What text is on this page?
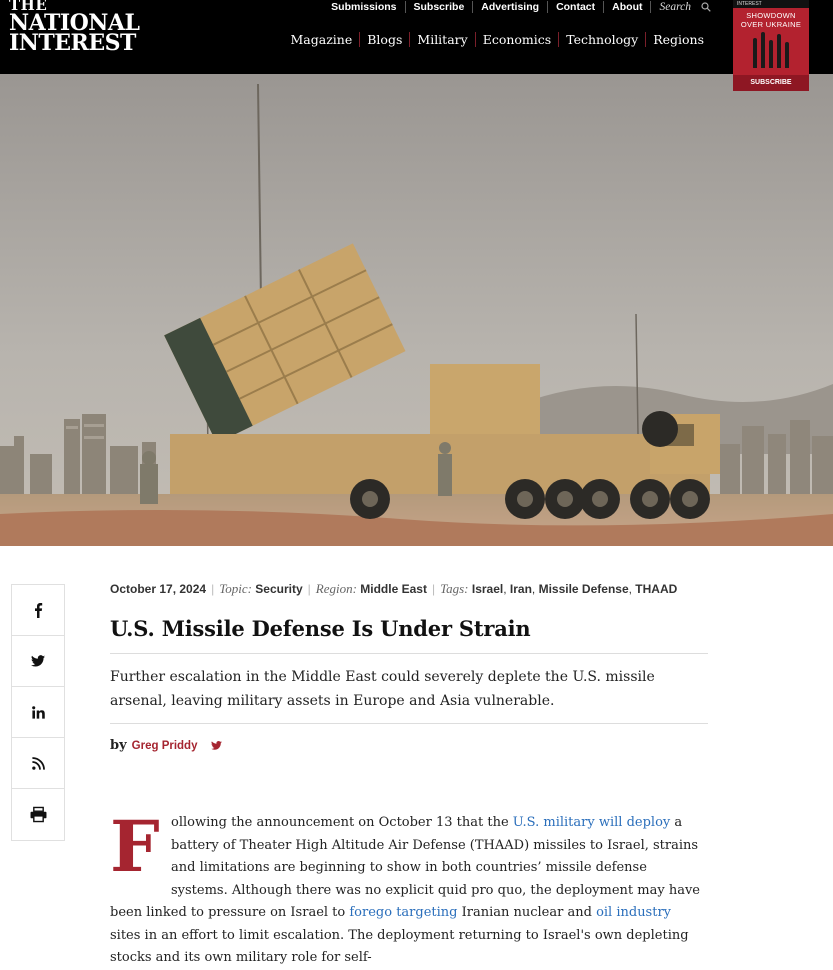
THE
NATIONAL
INTEREST
Submissions	Subscribe	Advertising	Contact	About	Search
Magazine	Blogs	Military	Economics	Technology	Regions
INTEREST
SHOWDOWN
OVER UKRAINE
SUBSCRIBE
October 17, 2024 | Topic: Security | Region: Middle East | Tags: Israel, Iran, Missile Defense, THAAD
U.S. Missile Defense Is Under Strain

Further escalation in the Middle East could severely deplete the U.S. missile arsenal, leaving military assets in Europe and Asia vulnerable.

by Greg Priddy
F ollowing the announcement on October 13 that the U.S. military will deploy a battery of Theater High Altitude Air Defense (THAAD) missiles to Israel, strains and limitations are beginning to show in both countries’ missile defense systems. Although there was no explicit quid pro quo, the deployment may have been linked to pressure on Israel to forego targeting Iranian nuclear and oil industry sites in an effort to limit escalation. The deployment returning to Israel's own depleting stocks and its own military role for self-
